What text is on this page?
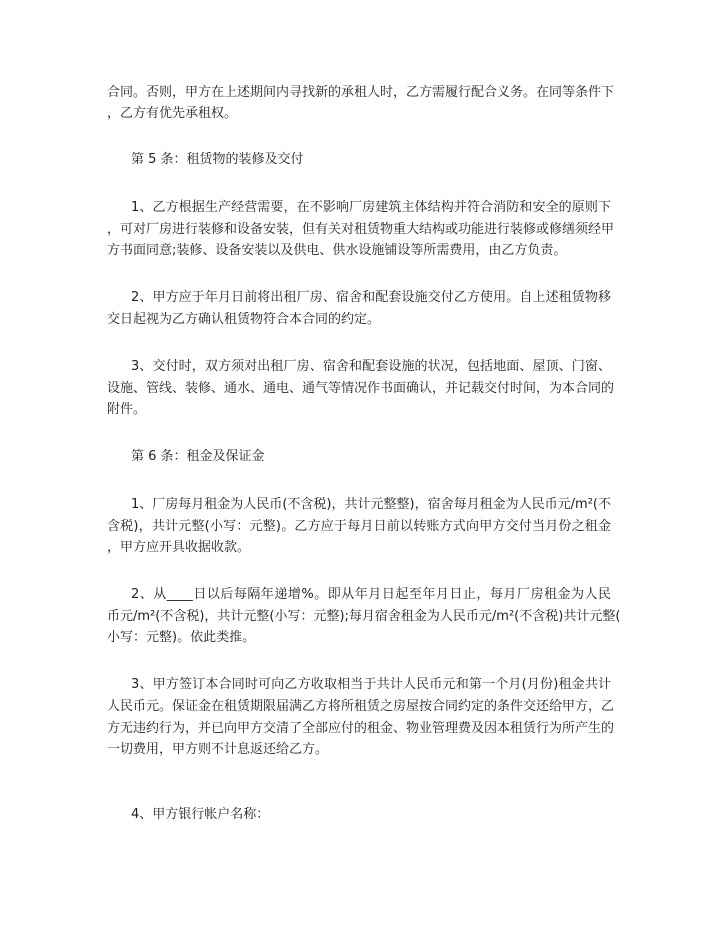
合同。否则，甲方在上述期间内寻找新的承租人时，乙方需履行配合义务。在同等条件下
，乙方有优先承租权。
第 5 条：租赁物的装修及交付
1、乙方根据生产经营需要，在不影响厂房建筑主体结构并符合消防和安全的原则下
，可对厂房进行装修和设备安装，但有关对租赁物重大结构或功能进行装修或修缮须经甲
方书面同意;装修、设备安装以及供电、供水设施铺设等所需费用，由乙方负责。
2、甲方应于年月日前将出租厂房、宿舍和配套设施交付乙方使用。自上述租赁物移
交日起视为乙方确认租赁物符合本合同的约定。
3、交付时，双方须对出租厂房、宿舍和配套设施的状况，包括地面、屋顶、门窗、
设施、管线、装修、通水、通电、通气等情况作书面确认，并记载交付时间，为本合同的
附件。
第 6 条：租金及保证金
1、厂房每月租金为人民币(不含税)，共计元整整)，宿舍每月租金为人民币元/m²(不
含税)，共计元整(小写：元整)。乙方应于每月日前以转账方式向甲方交付当月份之租金
，甲方应开具收据收款。
2、从____日以后每隔年递增%。即从年月日起至年月日止，每月厂房租金为人民
币元/m²(不含税)，共计元整(小写：元整);每月宿舍租金为人民币元/m²(不含税)共计元整(
小写：元整)。依此类推。
3、甲方签订本合同时可向乙方收取相当于共计人民币元和第一个月(月份)租金共计
人民币元。保证金在租赁期限届满乙方将所租赁之房屋按合同约定的条件交还给甲方，乙
方无违约行为，并已向甲方交清了全部应付的租金、物业管理费及因本租赁行为所产生的
一切费用，甲方则不计息返还给乙方。
4、甲方银行帐户名称：
